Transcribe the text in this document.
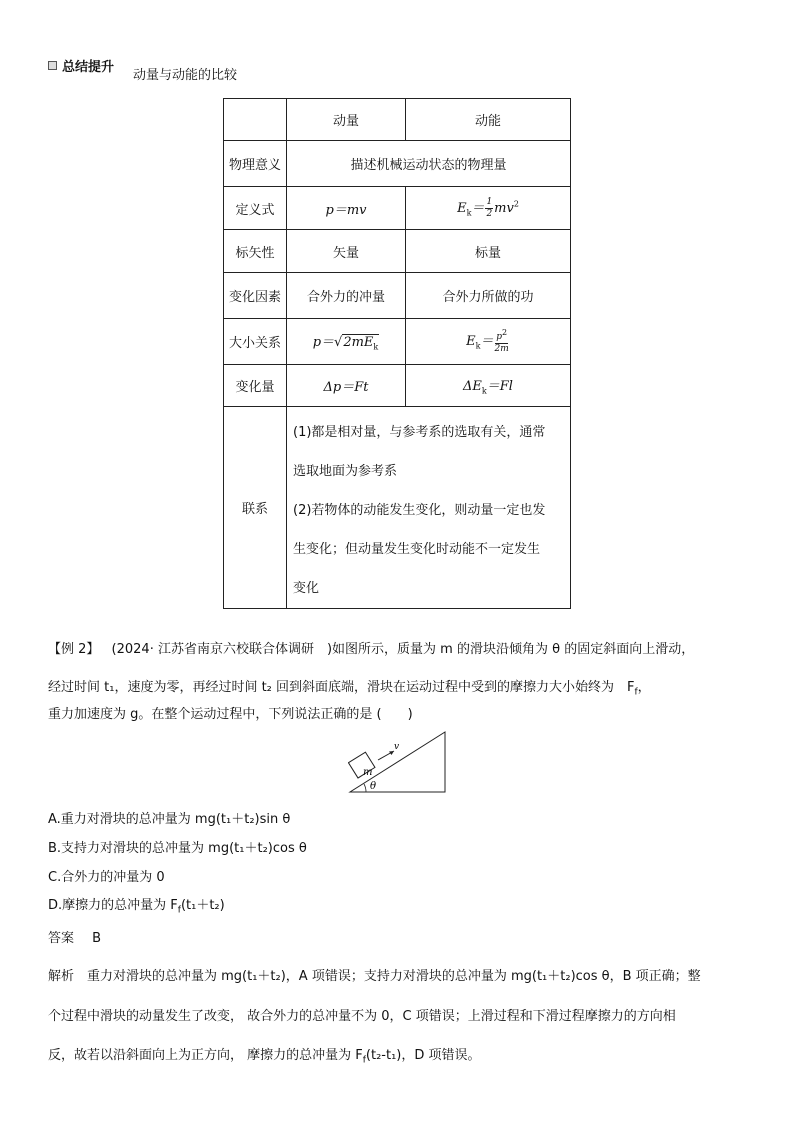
总结提升
动量与动能的比较
	动量	动能
物理意义	描述机械运动状态的物理量	
定义式	p＝mv	$E_k= \frac{1}{2} mv^2$
标矢性	矢量	标量
变化因素	合外力的冲量	合外力所做的功
大小关系	$p=√2mE_k$	$E_k= \frac{p2}{2m}$

变化量	Δp＝Ft	$\Delta E_k=Fl$
联系	(1)都是相对量，与参考系的选取有关，通常
选取地面为参考系
(2)若物体的动能发生变化，则动量一定也发
生变化；但动量发生变化时动能不一定发生
变化	
【例 2】 (2024· 江苏省南京六校联合体调研　)如图所示，质量为 m 的滑块沿倾角为 θ 的固定斜面向上滑动，
经过时间 t₁，速度为零，再经过时间 t₂ 回到斜面底端，滑块在运动过程中受到的摩擦力大小始终为　$F_f$，
重力加速度为 g。在整个运动过程中，下列说法正确的是 (　　)
m
v
θ
A.重力对滑块的总冲量为 mg(t₁＋t₂)sin θ
B.支持力对滑块的总冲量为 mg(t₁＋t₂)cos θ
C.合外力的冲量为 0
D.摩擦力的总冲量为 $F_f(t_1+t_2)$
答案 B
解析　重力对滑块的总冲量为 mg(t₁＋t₂)，A 项错误；支持力对滑块的总冲量为 mg(t₁＋t₂)cos θ，B 项正确；整
个过程中滑块的动量发生了改变， 故合外力的总冲量不为 0，C 项错误；上滑过程和下滑过程摩擦力的方向相
反，故若以沿斜面向上为正方向， 摩擦力的总冲量为 $F_f(t_2-t_1)$，D 项错误。
